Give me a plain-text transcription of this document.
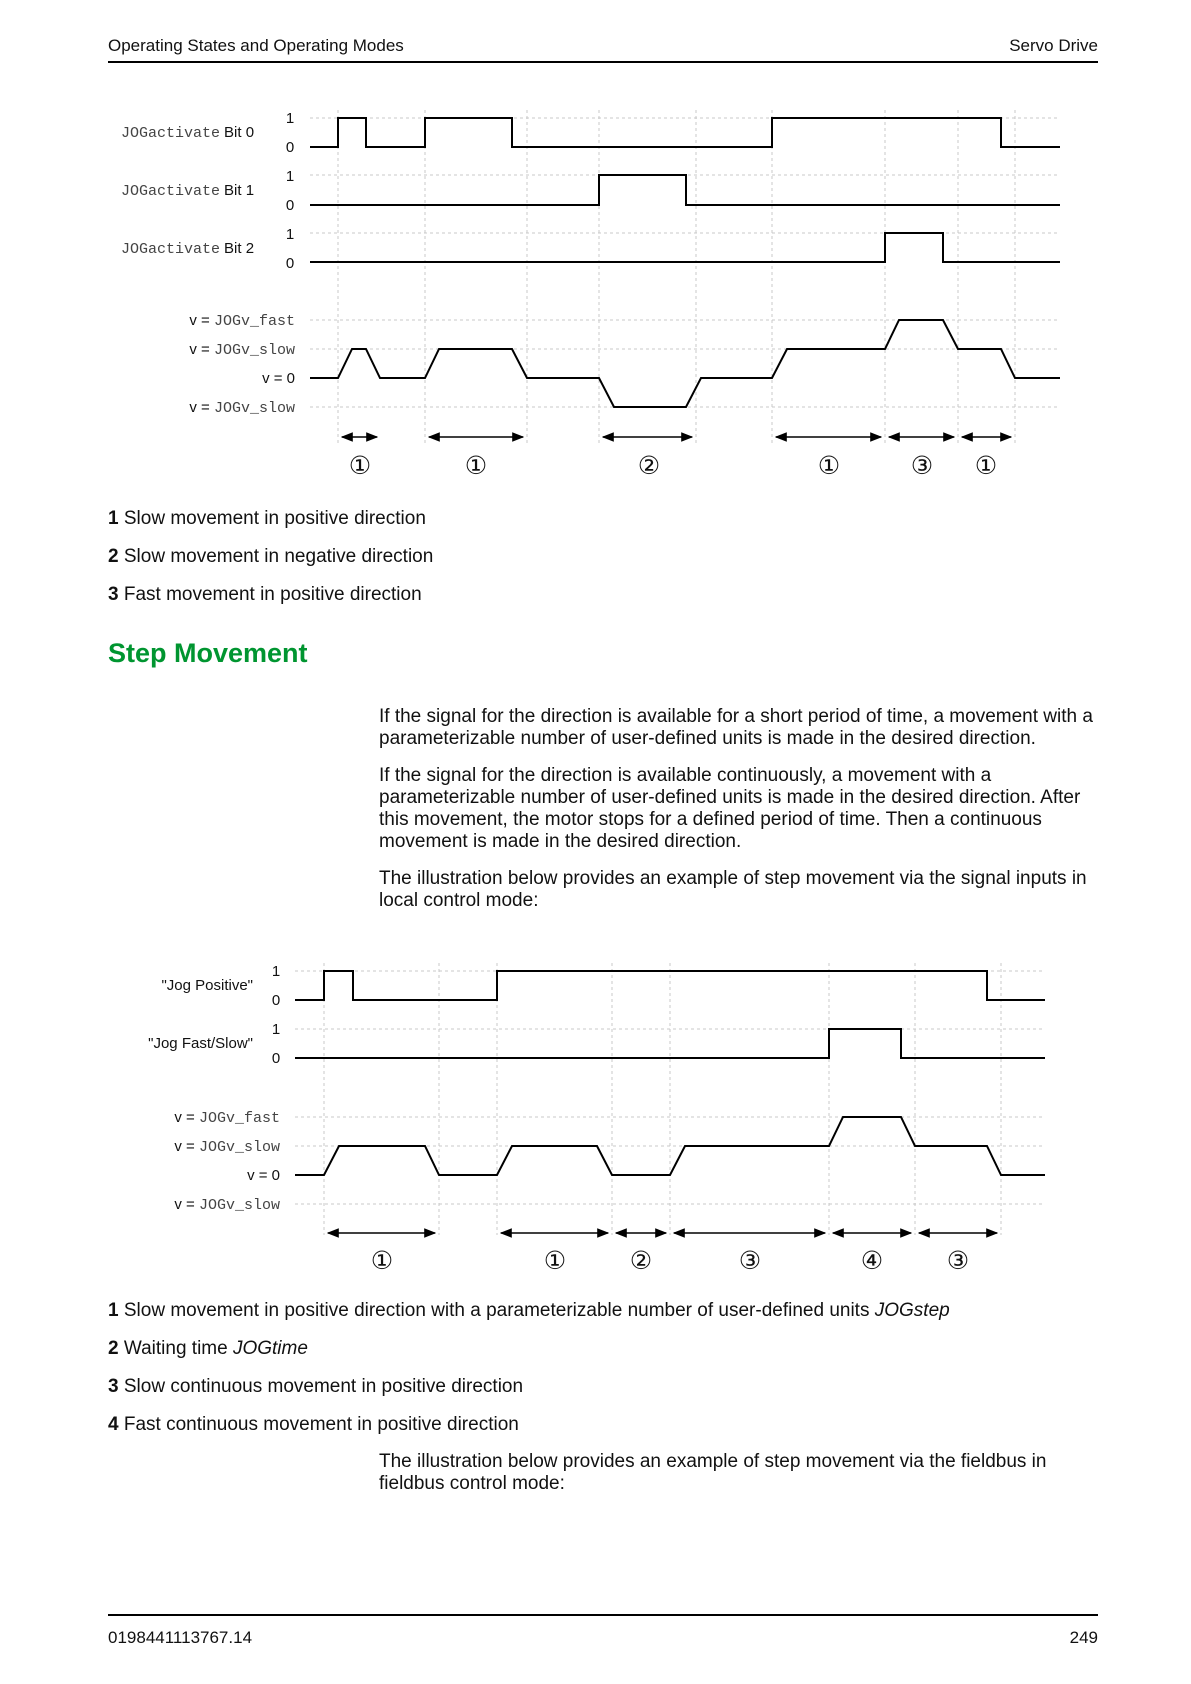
Operating States and Operating Modes	Servo Drive
JOGactivate Bit 0
JOGactivate Bit 1
JOGactivate Bit 2
1
0
1
0
1
0
v = JOGv_fast
v = JOGv_slow
v = 0
v = JOGv_slow
①	①	②	①	③ ①
1 Slow movement in positive direction
2 Slow movement in negative direction
3 Fast movement in positive direction
Step Movement

If the signal for the direction is available for a short period of time, a movement with a parameterizable number of user-defined units is made in the desired direction.

If the signal for the direction is available continuously, a movement with a parameterizable number of user-defined units is made in the desired direction. After this movement, the motor stops for a defined period of time. Then a continuous movement is made in the desired direction.

The illustration below provides an example of step movement via the signal inputs in local control mode:

"Jog Positive"
"Jog Fast/Slow"
1
0
1
0
v = JOGv_fast
v = JOGv_slow
v = 0
v = JOGv_slow
①	①	②	③	④	③
1 Slow movement in positive direction with a parameterizable number of user-defined units JOGstep
2 Waiting time JOGtime
3 Slow continuous movement in positive direction
4 Fast continuous movement in positive direction

The illustration below provides an example of step movement via the fieldbus in fieldbus control mode:

0198441113767.14	249
